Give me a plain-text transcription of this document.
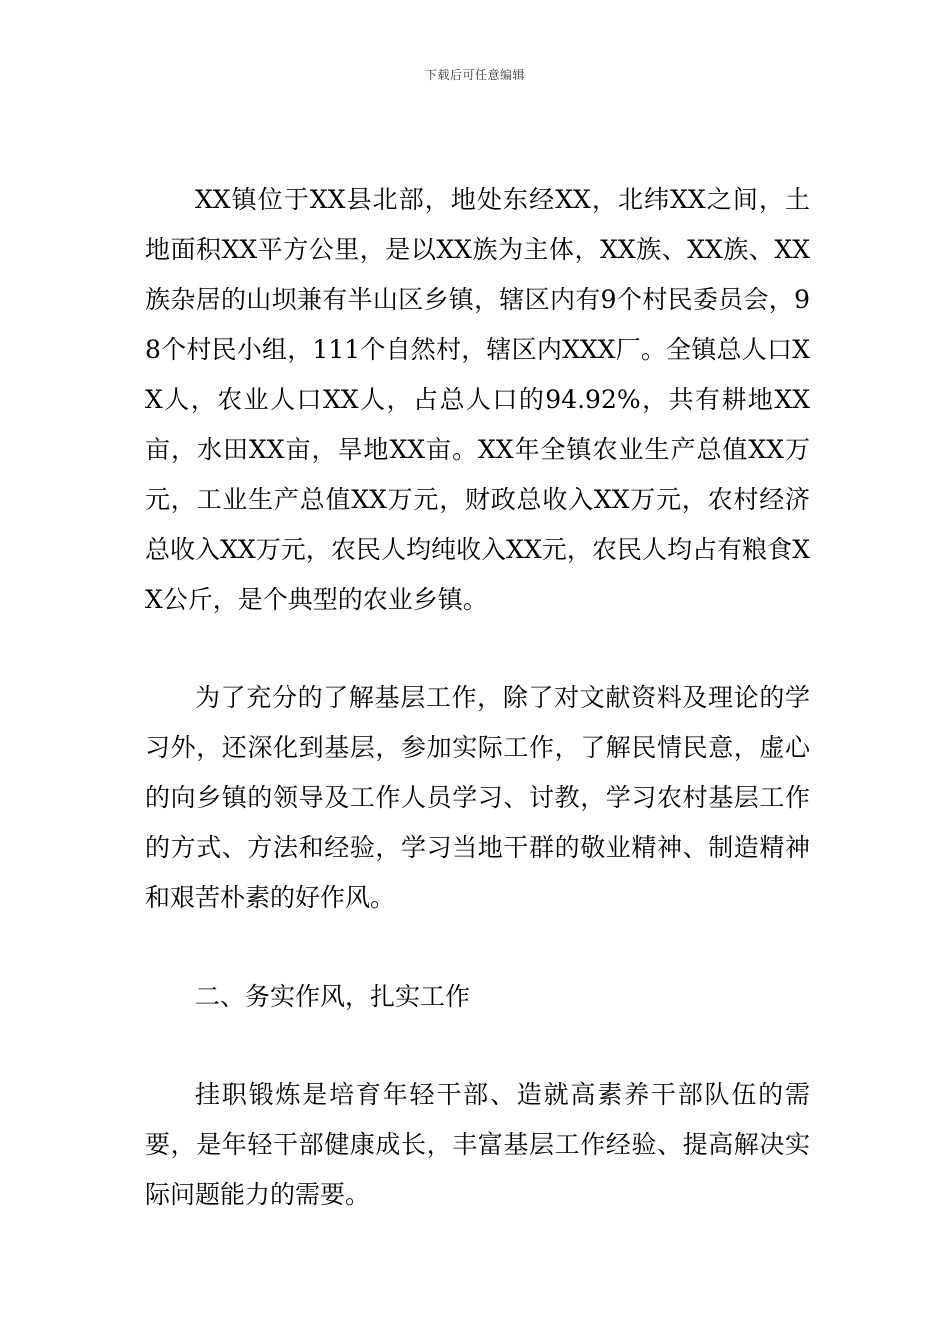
下载后可任意编辑

XX镇位于XX县北部，地处东经XX，北纬XX之间，土地面积XX平方公里，是以XX族为主体，XX族、XX族、XX族杂居的山坝兼有半山区乡镇，辖区内有9个村民委员会，98个村民小组，111个自然村，辖区内XXX厂。全镇总人口XX人，农业人口XX人，占总人口的94.92%，共有耕地XX亩，水田XX亩，旱地XX亩。XX年全镇农业生产总值XX万元，工业生产总值XX万元，财政总收入XX万元，农村经济总收入XX万元，农民人均纯收入XX元，农民人均占有粮食XX公斤，是个典型的农业乡镇。

为了充分的了解基层工作，除了对文献资料及理论的学习外，还深化到基层，参加实际工作，了解民情民意，虚心的向乡镇的领导及工作人员学习、讨教，学习农村基层工作的方式、方法和经验，学习当地干群的敬业精神、制造精神和艰苦朴素的好作风。

二、务实作风，扎实工作

挂职锻炼是培育年轻干部、造就高素养干部队伍的需要，是年轻干部健康成长，丰富基层工作经验、提高解决实际问题能力的需要。
